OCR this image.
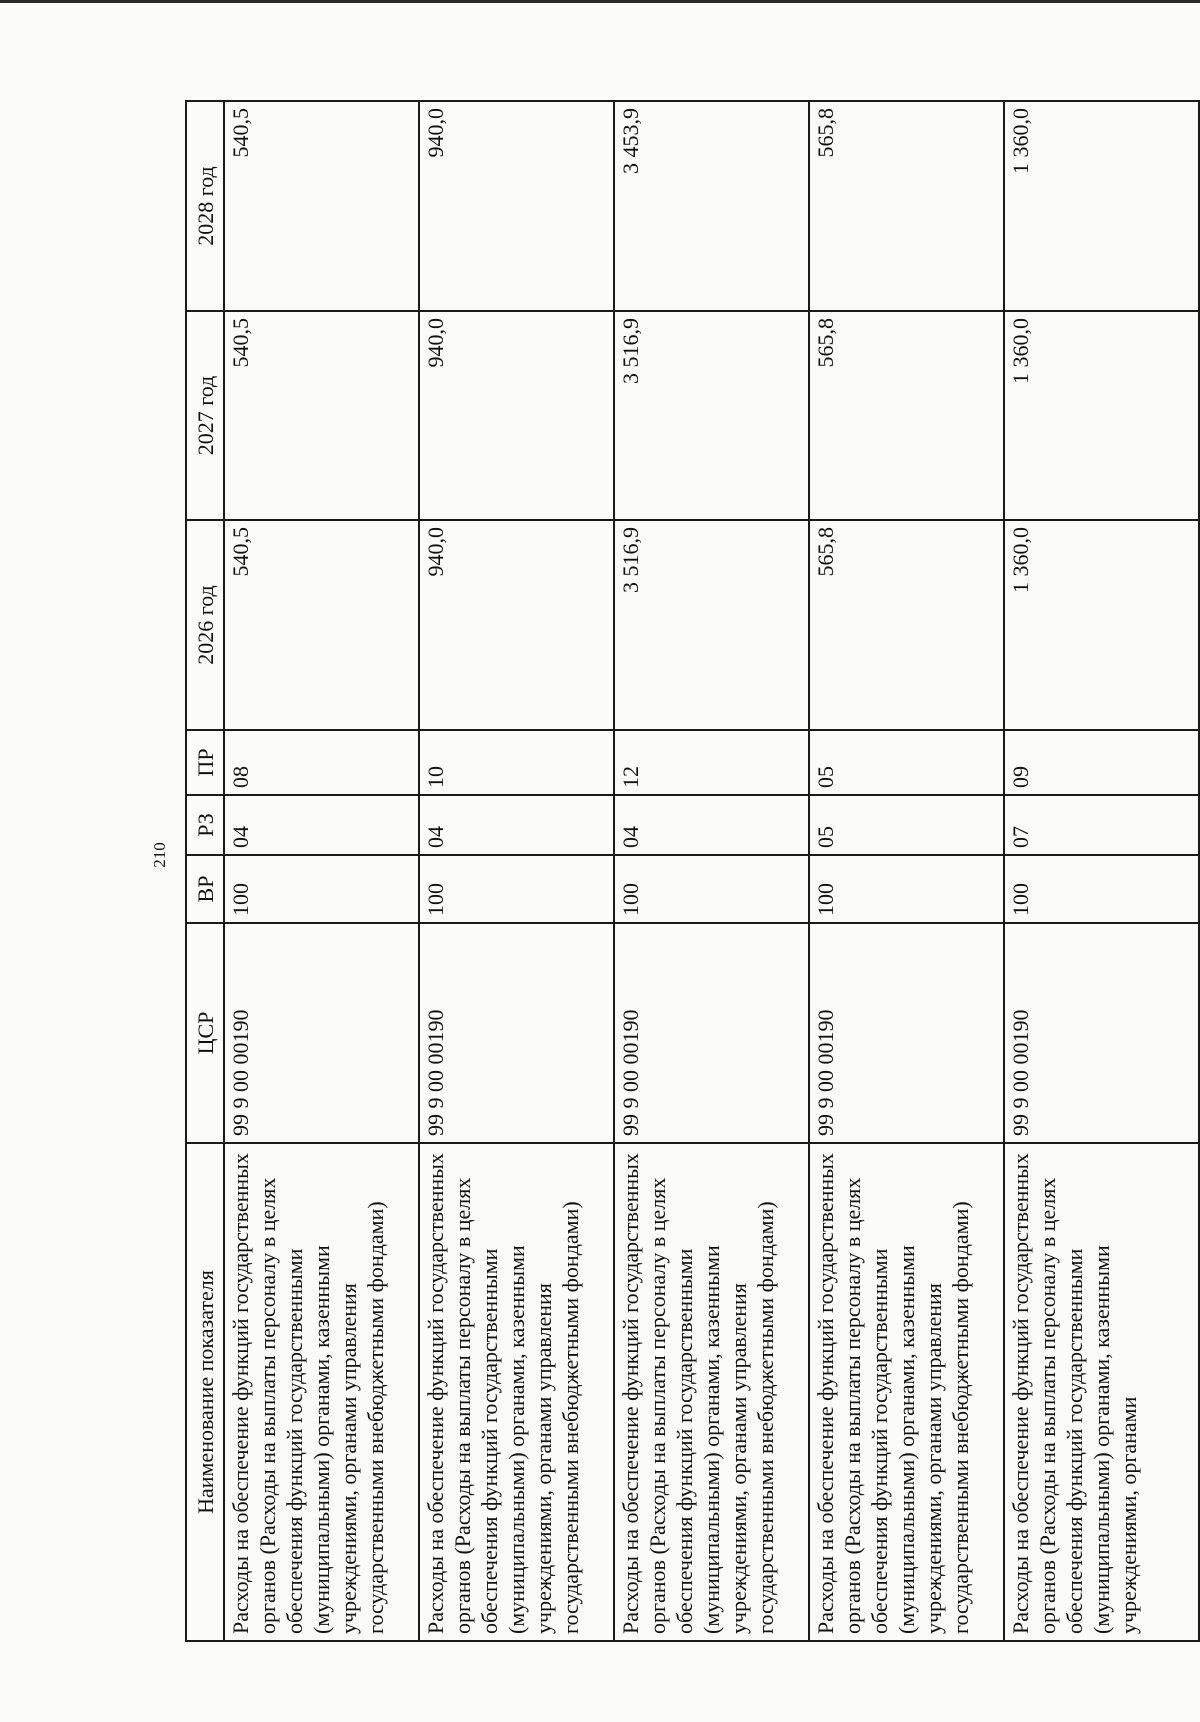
210
Наименование показателя	ЦСР	ВР	РЗ	ПР	2026 год	2027 год	2028 год
Расходы на обеспечение функций государственных органов (Расходы на выплаты персоналу в целях обеспечения функций государственными (муниципальными) органами, казенными учреждениями, органами управления государственными внебюджетными фондами)	99 9 00 00190	100	04	08	540,5	540,5	540,5
Расходы на обеспечение функций государственных органов (Расходы на выплаты персоналу в целях обеспечения функций государственными (муниципальными) органами, казенными учреждениями, органами управления государственными внебюджетными фондами)	99 9 00 00190	100	04	10	940,0	940,0	940,0
Расходы на обеспечение функций государственных органов (Расходы на выплаты персоналу в целях обеспечения функций государственными (муниципальными) органами, казенными учреждениями, органами управления государственными внебюджетными фондами)	99 9 00 00190	100	04	12	3 516,9	3 516,9	3 453,9
Расходы на обеспечение функций государственных органов (Расходы на выплаты персоналу в целях обеспечения функций государственными (муниципальными) органами, казенными учреждениями, органами управления государственными внебюджетными фондами)	99 9 00 00190	100	05	05	565,8	565,8	565,8
Расходы на обеспечение функций государственных органов (Расходы на выплаты персоналу в целях обеспечения функций государственными (муниципальными) органами, казенными учреждениями, органами	99 9 00 00190	100	07	09	1 360,0	1 360,0	1 360,0
